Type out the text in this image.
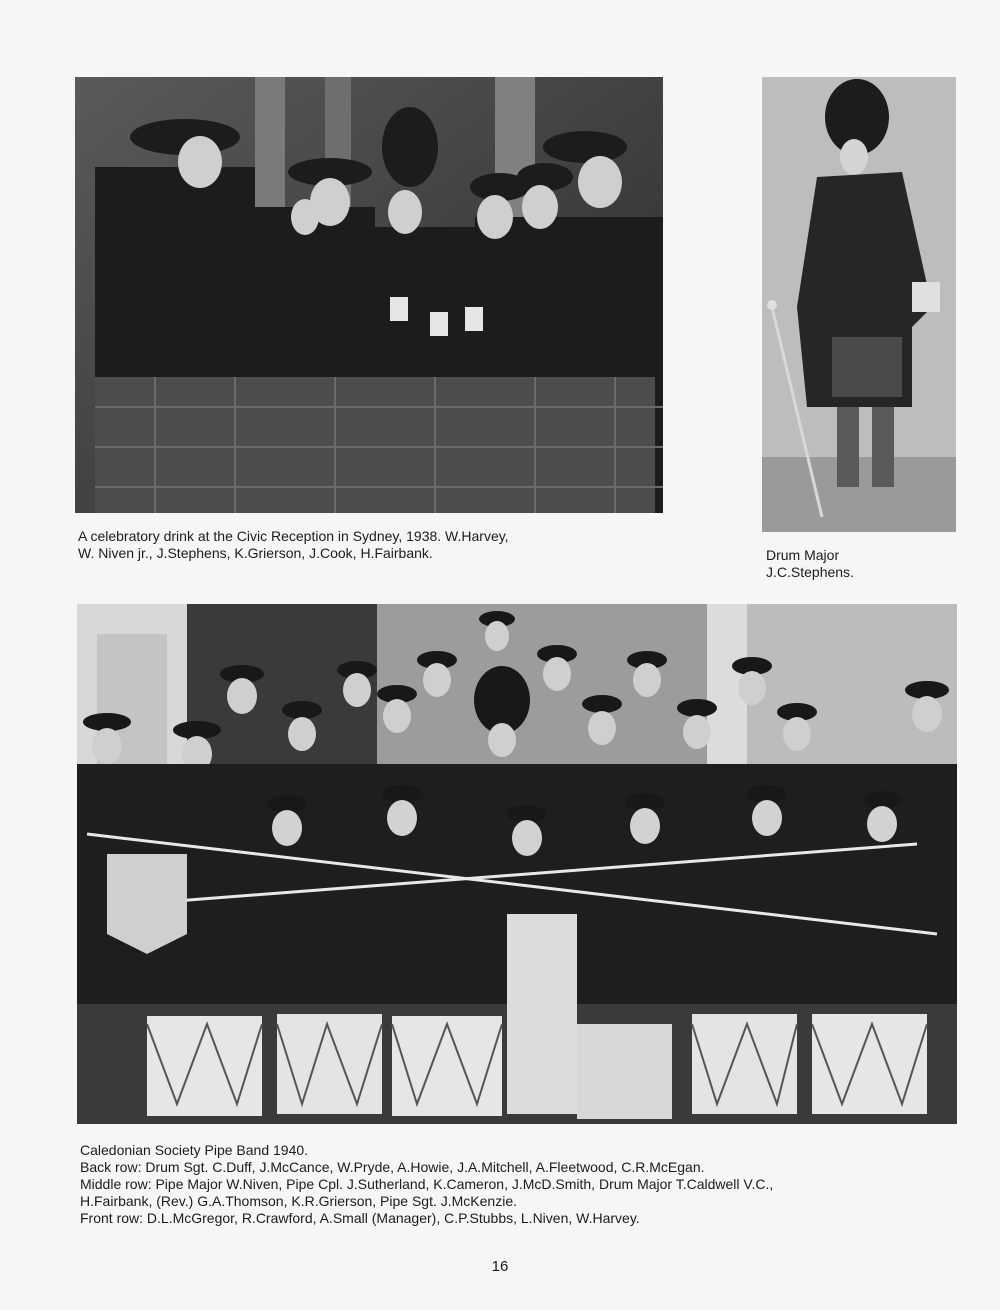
A celebratory drink at the Civic Reception in Sydney, 1938. W.Harvey,
W. Niven jr., J.Stephens, K.Grierson, J.Cook, H.Fairbank.	Drum Major
J.C.Stephens.
Caledonian Society Pipe Band 1940.
Back row: Drum Sgt. C.Duff, J.McCance, W.Pryde, A.Howie, J.A.Mitchell, A.Fleetwood, C.R.McEgan.
Middle row: Pipe Major W.Niven, Pipe Cpl. J.Sutherland, K.Cameron, J.McD.Smith, Drum Major T.Caldwell V.C.,
H.Fairbank, (Rev.) G.A.Thomson, K.R.Grierson, Pipe Sgt. J.McKenzie.
Front row: D.L.McGregor, R.Crawford, A.Small (Manager), C.P.Stubbs, L.Niven, W.Harvey.
16
